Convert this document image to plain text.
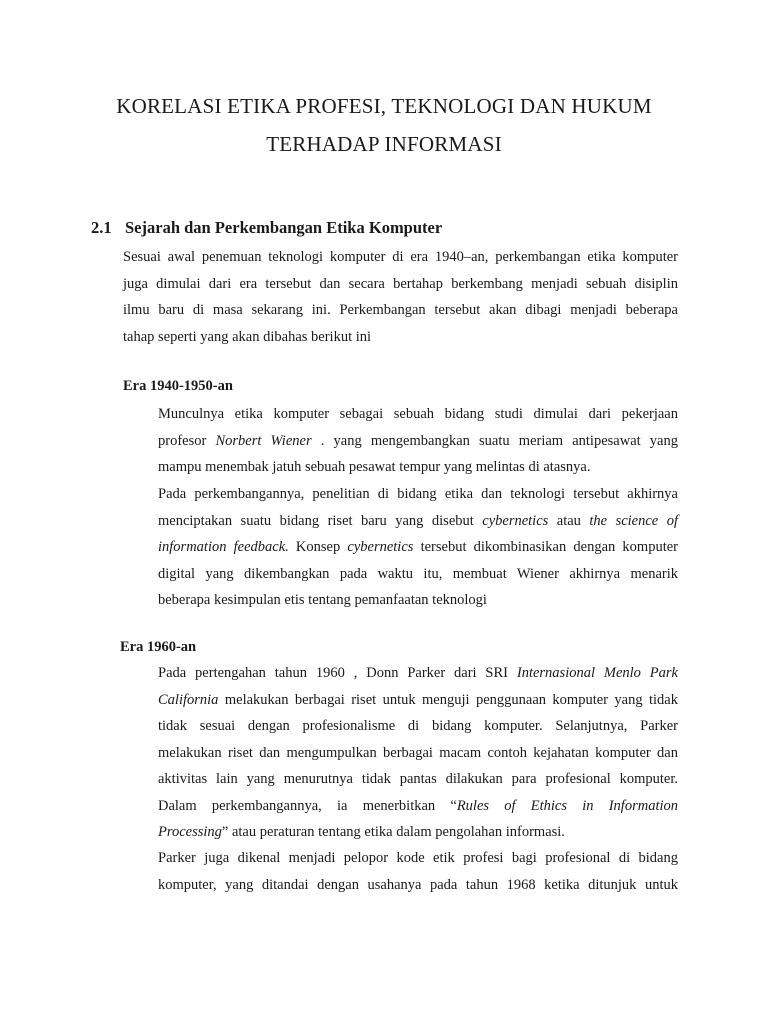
KORELASI ETIKA PROFESI, TEKNOLOGI DAN HUKUM
TERHADAP INFORMASI
2.1 Sejarah dan Perkembangan Etika Komputer
Sesuai awal penemuan teknologi komputer di era 1940–an, perkembangan etika komputer
juga dimulai dari era tersebut dan secara bertahap berkembang menjadi sebuah disiplin
ilmu baru di masa sekarang ini. Perkembangan tersebut akan dibagi menjadi beberapa
tahap seperti yang akan dibahas berikut ini
Era 1940-1950-an
Munculnya etika komputer sebagai sebuah bidang studi dimulai dari pekerjaan
profesor Norbert Wiener . yang mengembangkan suatu meriam antipesawat yang
mampu menembak jatuh sebuah pesawat tempur yang melintas di atasnya.
Pada perkembangannya, penelitian di bidang etika dan teknologi tersebut akhirnya
menciptakan suatu bidang riset baru yang disebut cybernetics atau the science of
information feedback. Konsep cybernetics tersebut dikombinasikan dengan komputer
digital yang dikembangkan pada waktu itu, membuat Wiener akhirnya menarik
beberapa kesimpulan etis tentang pemanfaatan teknologi
Era 1960-an
Pada pertengahan tahun 1960 , Donn Parker dari SRI Internasional Menlo Park
California melakukan berbagai riset untuk menguji penggunaan komputer yang tidak
tidak sesuai dengan profesionalisme di bidang komputer. Selanjutnya, Parker
melakukan riset dan mengumpulkan berbagai macam contoh kejahatan komputer dan
aktivitas lain yang menurutnya tidak pantas dilakukan para profesional komputer.
Dalam perkembangannya, ia menerbitkan “Rules of Ethics in Information
Processing” atau peraturan tentang etika dalam pengolahan informasi.
Parker juga dikenal menjadi pelopor kode etik profesi bagi profesional di bidang
komputer, yang ditandai dengan usahanya pada tahun 1968 ketika ditunjuk untuk
